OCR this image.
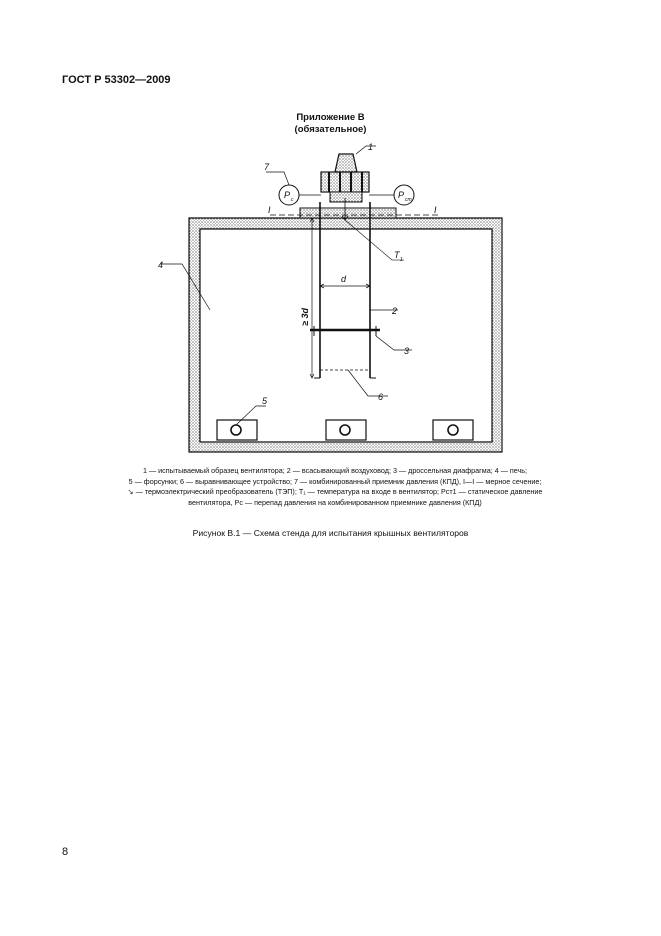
ГОСТ Р 53302—2009
Приложение В
(обязательное)
I	I
P c	P ст
T 1
d
≥ 3d
1
2
3
4
5	6
7
1 — испытываемый образец вентилятора; 2 — всасывающий воздуховод; 3 — дроссельная диафрагма; 4 — печь;
5 — форсунки; 6 — выравнивающее устройство; 7 — комбинированный приемник давления (КПД), I—I — мерное сечение;
↘ — термоэлектрический преобразователь (ТЭП); T₁ — температура на входе в вентилятор; Pст1 — статическое давление
вентилятора, Pc — перепад давления на комбинированном приемнике давления (КПД)
Рисунок В.1 — Схема стенда для испытания крышных вентиляторов
8
